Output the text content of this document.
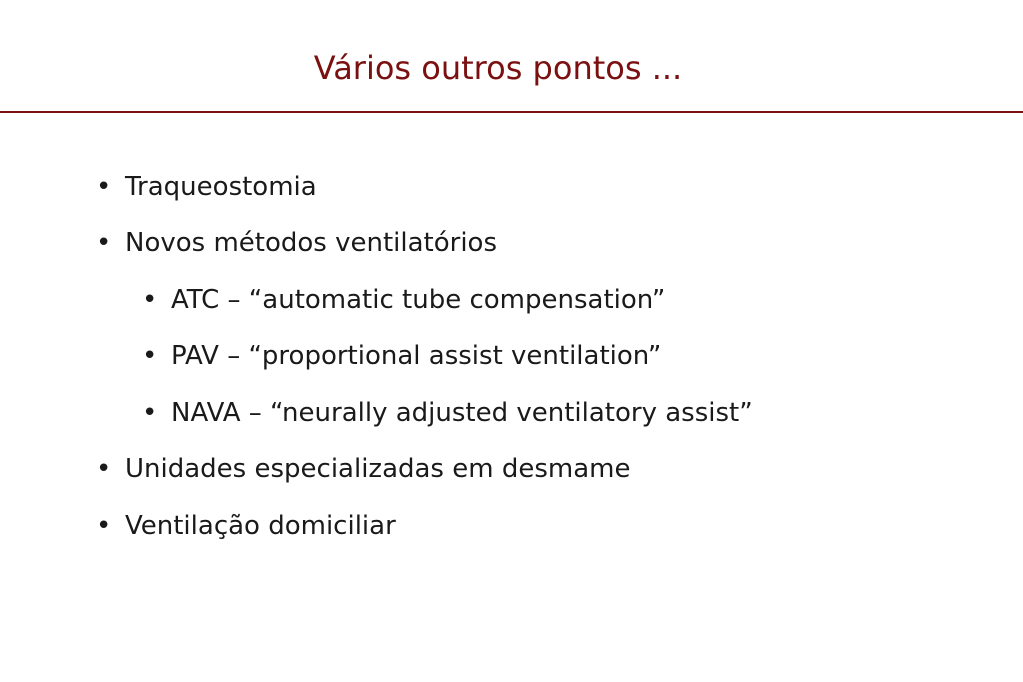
Vários outros pontos ...
• Traqueostomia
• Novos métodos ventilatórios
• ATC – “automatic tube compensation”
• PAV – “proportional assist ventilation”
• NAVA – “neurally adjusted ventilatory assist”
• Unidades especializadas em desmame
• Ventilação domiciliar
